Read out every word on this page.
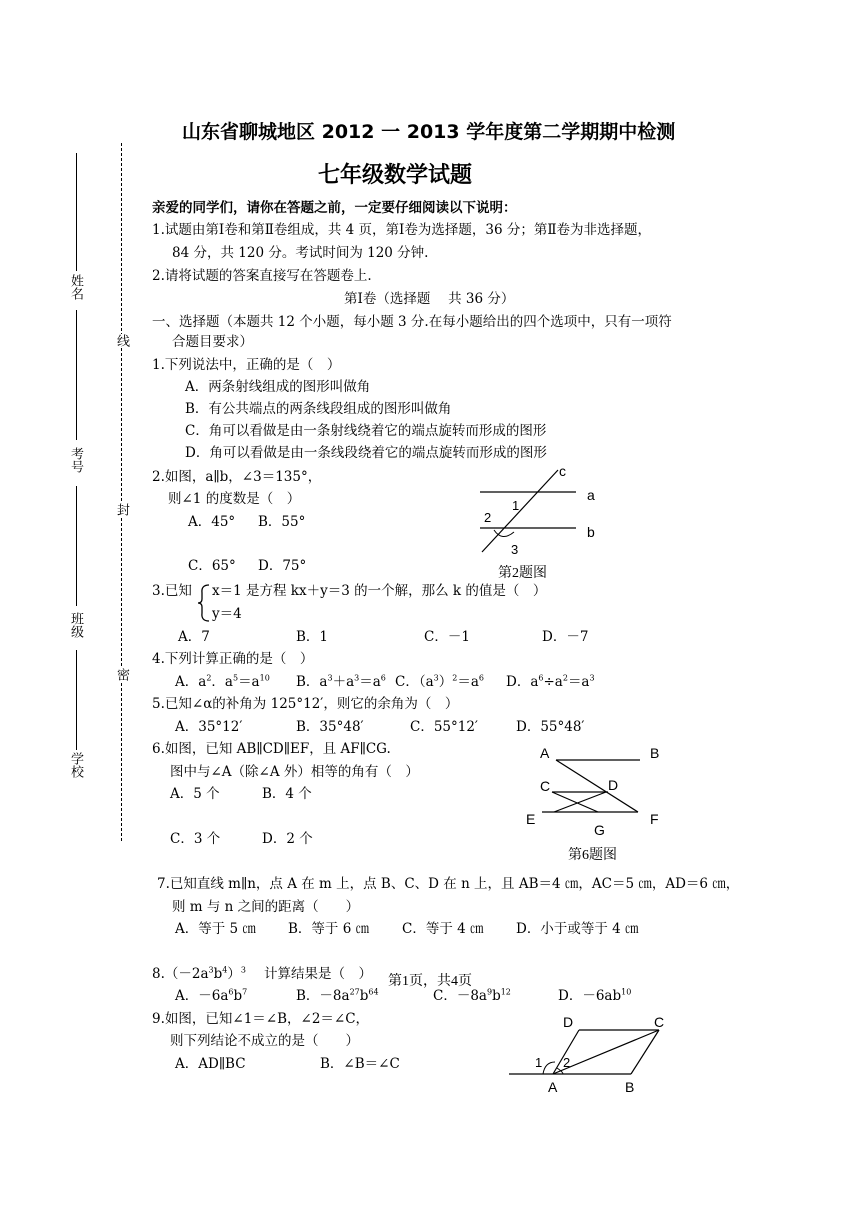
姓名
考号
班级
学校
线
封
密
山东省聊城地区 2012 一 2013 学年度第二学期期中检测
七年级数学试题
亲爱的同学们，请你在答题之前，一定要仔细阅读以下说明：
1.试题由第Ⅰ卷和第Ⅱ卷组成，共 4 页，第Ⅰ卷为选择题，36 分；第Ⅱ卷为非选择题，
84 分，共 120 分。考试时间为 120 分钟.
2.请将试题的答案直接写在答题卷上.
第Ⅰ卷（选择题　 共 36 分）
一、选择题（本题共 12 个小题，每小题 3 分.在每小题给出的四个选项中，只有一项符
合题目要求）
1.下列说法中，正确的是（　）
A．两条射线组成的图形叫做角
B．有公共端点的两条线段组成的图形叫做角
C．角可以看做是由一条射线绕着它的端点旋转而形成的图形
D．角可以看做是由一条线段绕着它的端点旋转而形成的图形
2.如图，a∥b，∠3＝135°，
则∠1 的度数是（　）
A．45° B．55°
C．65° D．75°
c
a
b
1
2
3
第2题图
3.已知 x＝1 是方程 kx＋y＝3 的一个解，那么 k 的值是（　）
y＝4
A．7	B．1	C．－1	D．－7
4.下列计算正确的是（　）
A．$a^2$．$a^5=a^{10}$ B．$a^3+a^3=a^6$ C．$(a^3)^2=a^6$ D．$a^6\div a^2=a^3$
5.已知∠α的补角为 125°12′，则它的余角为（　）
A．35°12′	B．35°48′	C．55°12′	D．55°48′
6.如图，已知 AB∥CD∥EF，且 AF∥CG.
图中与∠A（除∠A 外）相等的角有（　）
A．5 个	B．4 个
C．3 个	D．2 个
A	B
C	D
E	F
G
第6题图
7.已知直线 m∥n，点 A 在 m 上，点 B、C、D 在 n 上，且 AB＝4 ㎝，AC＝5 ㎝，AD＝6 ㎝，
则 m 与 n 之间的距离（　　）
A．等于 5 ㎝ B．等于 6 ㎝ C．等于 4 ㎝ D．小于或等于 4 ㎝
$8.(-2a^3b^4)^3$　	计算结果是（　） 第1页，共4页
A．$-6a^6b^7$	B．$-8a^{27}b^{64}$	C．$-8a^9b^{12}$	D．$-6ab^{10}$
9.如图，已知∠1＝∠B，∠2＝∠C，
则下列结论不成立的是（　　）
A．AD∥BC	B．∠B＝∠C
D	C
1 2
A	B
